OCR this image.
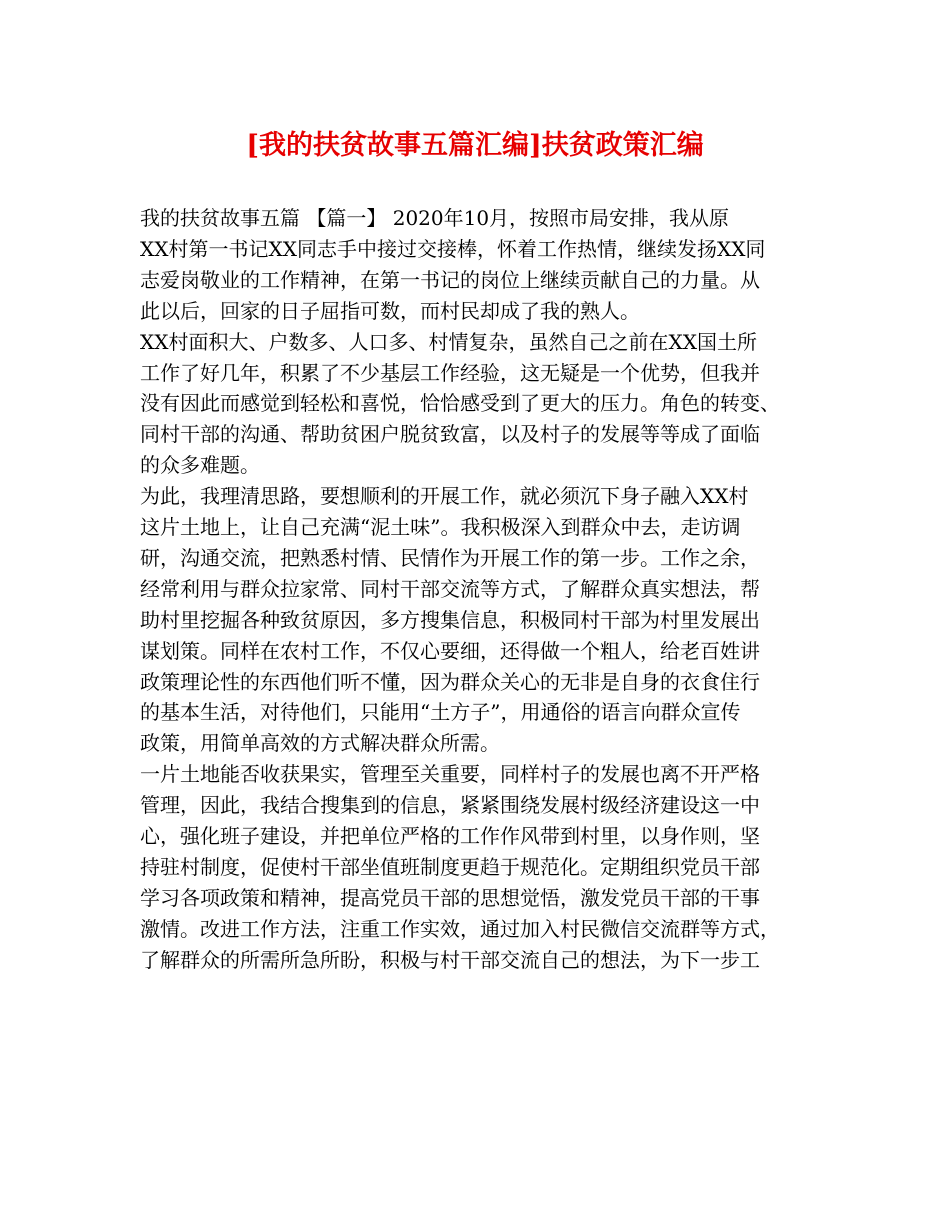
[我的扶贫故事五篇汇编]扶贫政策汇编
我的扶贫故事五篇 【篇一】 2020年10月，按照市局安排，我从原
XX村第一书记XX同志手中接过交接棒，怀着工作热情，继续发扬XX同
志爱岗敬业的工作精神，在第一书记的岗位上继续贡献自己的力量。从
此以后，回家的日子屈指可数，而村民却成了我的熟人。
XX村面积大、户数多、人口多、村情复杂，虽然自己之前在XX国土所
工作了好几年，积累了不少基层工作经验，这无疑是一个优势，但我并
没有因此而感觉到轻松和喜悦，恰恰感受到了更大的压力。角色的转变、
同村干部的沟通、帮助贫困户脱贫致富，以及村子的发展等等成了面临
的众多难题。
为此，我理清思路，要想顺利的开展工作，就必须沉下身子融入XX村
这片土地上，让自己充满“泥土味”。我积极深入到群众中去，走访调
研，沟通交流，把熟悉村情、民情作为开展工作的第一步。工作之余，
经常利用与群众拉家常、同村干部交流等方式，了解群众真实想法，帮
助村里挖掘各种致贫原因，多方搜集信息，积极同村干部为村里发展出
谋划策。同样在农村工作，不仅心要细，还得做一个粗人，给老百姓讲
政策理论性的东西他们听不懂，因为群众关心的无非是自身的衣食住行
的基本生活，对待他们，只能用“土方子”，用通俗的语言向群众宣传
政策，用简单高效的方式解决群众所需。
一片土地能否收获果实，管理至关重要，同样村子的发展也离不开严格
管理，因此，我结合搜集到的信息，紧紧围绕发展村级经济建设这一中
心，强化班子建设，并把单位严格的工作作风带到村里，以身作则，坚
持驻村制度，促使村干部坐值班制度更趋于规范化。定期组织党员干部
学习各项政策和精神，提高党员干部的思想觉悟，激发党员干部的干事
激情。改进工作方法，注重工作实效，通过加入村民微信交流群等方式，
了解群众的所需所急所盼，积极与村干部交流自己的想法，为下一步工
